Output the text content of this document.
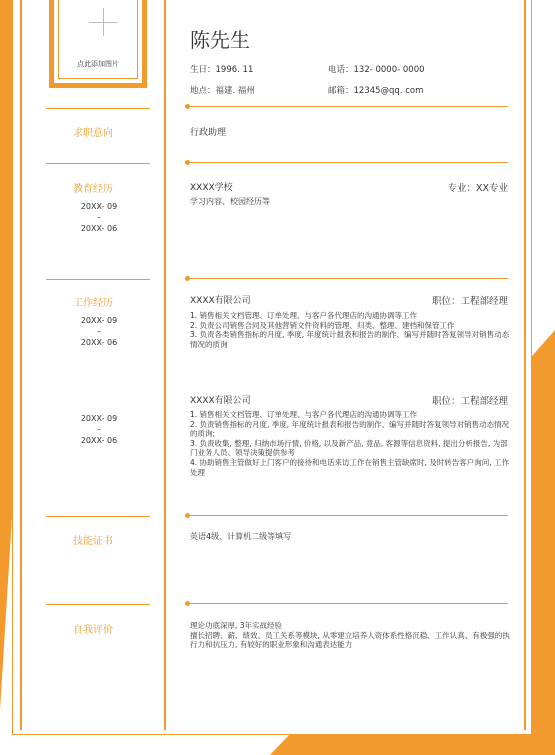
点此添加图片
陈先生
生日：1996. 11	电话：132- 0000- 0000
地点：福建. 福州	邮箱：12345@qq. com
求职意向	行政助理
教育经历
20XX- 09
–
20XX- 06
XXXX学校	专业：XX专业
学习内容、校园经历等
工作经历
20XX- 09
–
20XX- 06
XXXX有限公司	职位：工程部经理
1. 销售相关文档管理、订单处理、与客户各代理店的沟通协调等工作
2. 负责公司销售合同及其他营销文件资料的管理、归类、整理、建档和保管工作
3. 负责各类销售指标的月度, 季度, 年度统计报表和报告的制作、编写并随时答复领导对销售动态情况的质询
20XX- 09
–
20XX- 06
XXXX有限公司	职位：工程部经理
1. 销售相关文档管理、订单处理、与客户各代理店的沟通协调等工作
2. 负责销售指标的月度, 季度, 年度统计报表和报告的制作、编写并随时答复领导对销售动态情况的质询;
3. 负责收集, 整理, 归纳市场行情, 价格, 以及新产品, 竟品, 客源等信息资料, 提出分析报告, 为部门业务人员、领导决策提供参考
4. 协助销售主管做好上门客户的接待和电话来访工作在销售主管缺席时, 及时转告客户询问, 工作处理
技能证书	英语4级、计算机二级等填写
自我评价	理论功底深厚, 3年实战经验
擅长招聘、薪、绩效、员工关系等模块, 从零建立培养人资体系性格沉稳、工作认真、有极强的执行力和抗压力, 有较好的职业形象和沟通表达能力
